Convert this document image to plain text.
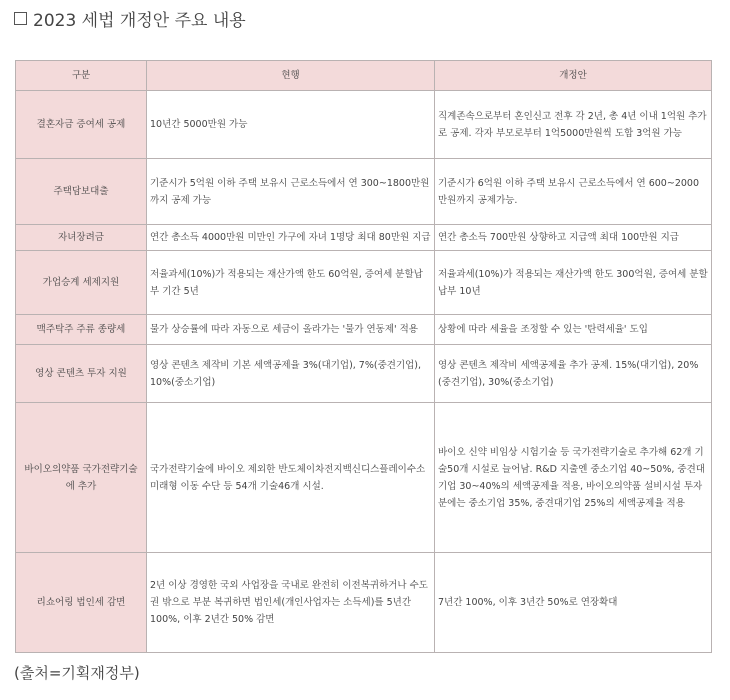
2023 세법 개정안 주요 내용
구분	현행	개정안
결혼자금 증여세 공제	10년간 5000만원 가능	직계존속으로부터 혼인신고 전후 각 2년, 총 4년 이내 1억원 추가로 공제. 각자 부모로부터 1억5000만원씩 도합 3억원 가능
주택담보대출	기준시가 5억원 이하 주택 보유시 근로소득에서 연 300~1800만원까지 공제 가능	기준시가 6억원 이하 주택 보유시 근로소득에서 연 600~2000만원까지 공제가능.
자녀장려금	연간 총소득 4000만원 미만인 가구에 자녀 1명당 최대 80만원 지급	연간 총소득 700만원 상향하고 지급액 최대 100만원 지급
가업승계 세제지원	저율과세(10%)가 적용되는 재산가액 한도 60억원, 증여세 분할납부 기간 5년	저율과세(10%)가 적용되는 재산가액 한도 300억원, 증여세 분할납부 10년
맥주탁주 주류 종량세	물가 상승률에 따라 자동으로 세금이 올라가는 '물가 연동제' 적용	상황에 따라 세율을 조정할 수 있는 '탄력세율' 도입
영상 콘텐츠 투자 지원	영상 콘텐츠 제작비 기본 세액공제율 3%(대기업), 7%(중견기업), 10%(중소기업)	영상 콘텐츠 제작비 세액공제율 추가 공제. 15%(대기업), 20%(중견기업), 30%(중소기업)
바이오의약품 국가전략기술에 추가	국가전략기술에 바이오 제외한 반도체이차전지백신디스플레이수소미래형 이동 수단 등 54개 기술46개 시설.	바이오 신약 비임상 시험기술 등 국가전략기술로 추가해 62개 기술50개 시설로 늘어남. R&D 지출엔 중소기업 40~50%, 중견대기업 30~40%의 세액공제율 적용, 바이오의약품 설비시설 투자분에는 중소기업 35%, 중견대기업 25%의 세액공제율 적용
리쇼어링 법인세 감면	2년 이상 경영한 국외 사업장을 국내로 완전히 이전복귀하거나 수도권 밖으로 부분 복귀하면 법인세(개인사업자는 소득세)를 5년간 100%, 이후 2년간 50% 감면	7년간 100%, 이후 3년간 50%로 연장확대
(출처=기획재정부)
